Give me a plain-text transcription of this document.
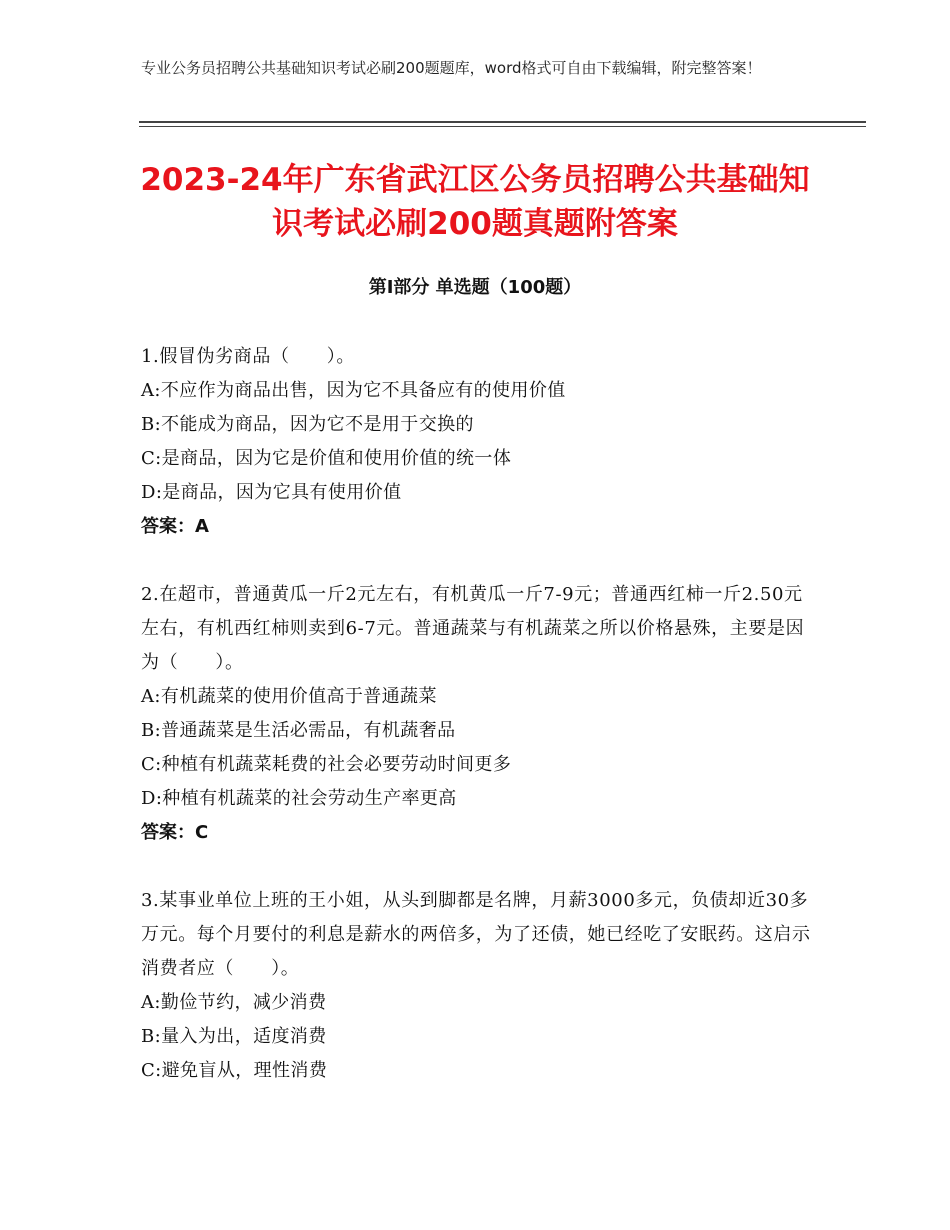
专业公务员招聘公共基础知识考试必刷200题题库，word格式可自由下载编辑，附完整答案！
2023-24年广东省武江区公务员招聘公共基础知识考试必刷200题真题附答案
第Ⅰ部分 单选题（100题）
1.假冒伪劣商品（　　）。
A:不应作为商品出售，因为它不具备应有的使用价值
B:不能成为商品，因为它不是用于交换的
C:是商品，因为它是价值和使用价值的统一体
D:是商品，因为它具有使用价值
答案：A
2.在超市，普通黄瓜一斤2元左右，有机黄瓜一斤7-9元；普通西红柿一斤2.50元左右，有机西红柿则卖到6-7元。普通蔬菜与有机蔬菜之所以价格悬殊，主要是因为（　　）。
A:有机蔬菜的使用价值高于普通蔬菜
B:普通蔬菜是生活必需品，有机蔬奢品
C:种植有机蔬菜耗费的社会必要劳动时间更多
D:种植有机蔬菜的社会劳动生产率更高
答案：C
3.某事业单位上班的王小姐，从头到脚都是名牌，月薪3000多元，负债却近30多万元。每个月要付的利息是薪水的两倍多，为了还债，她已经吃了安眠药。这启示消费者应（　　）。
A:勤俭节约，减少消费
B:量入为出，适度消费
C:避免盲从，理性消费
